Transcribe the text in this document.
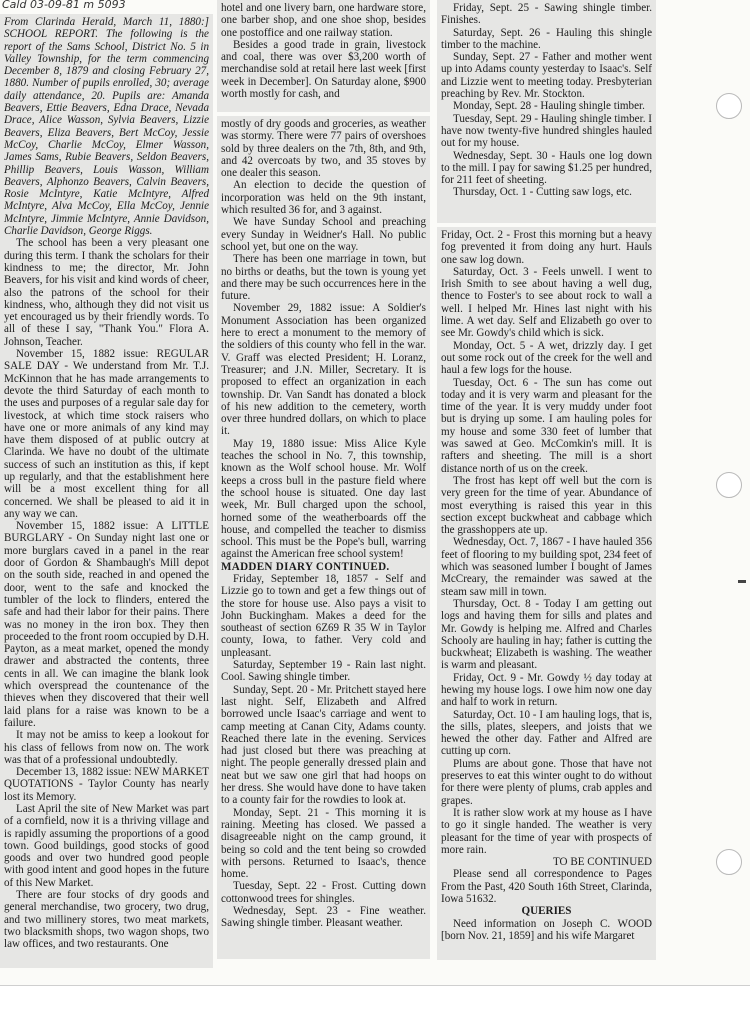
Cald 03-09-81 m 5093

From Clarinda Herald, March 11, 1880:] SCHOOL REPORT. The following is the report of the Sams School, District No. 5 in Valley Township, for the term commencing December 8, 1879 and closing February 27, 1880. Number of pupils enrolled, 30; average daily attendance, 20. Pupils are: Amanda Beavers, Ettie Beavers, Edna Drace, Nevada Drace, Alice Wasson, Sylvia Beavers, Lizzie Beavers, Eliza Beavers, Bert McCoy, Jessie McCoy, Charlie McCoy, Elmer Wasson, James Sams, Rubie Beavers, Seldon Beavers, Phillip Beavers, Louis Wasson, William Beavers, Alphonzo Beavers, Calvin Beavers, Rosie McIntyre, Katie McIntyre, Alfred McIntyre, Alva McCoy, Ella McCoy, Jennie McIntyre, Jimmie McIntyre, Annie Davidson, Charlie Davidson, George Riggs.

The school has been a very pleasant one during this term. I thank the scholars for their kindness to me; the director, Mr. John Beavers, for his visit and kind words of cheer, also the patrons of the school for their kindness, who, although they did not visit us yet encouraged us by their friendly words. To all of these I say, "Thank You." Flora A. Johnson, Teacher.

November 15, 1882 issue: REGULAR SALE DAY - We understand from Mr. T.J. McKinnon that he has made arrangements to devote the third Saturday of each month to the uses and purposes of a regular sale day for livestock, at which time stock raisers who have one or more animals of any kind may have them disposed of at public outcry at Clarinda. We have no doubt of the ultimate success of such an institution as this, if kept up regularly, and that the establishment here will be a most excellent thing for all concerned. We shall be pleased to aid it in any way we can.

November 15, 1882 issue: A LITTLE BURGLARY - On Sunday night last one or more burglars caved in a panel in the rear door of Gordon & Shambaugh's Mill depot on the south side, reached in and opened the door, went to the safe and knocked the tumbler of the lock to flinders, entered the safe and had their labor for their pains. There was no money in the iron box. They then proceeded to the front room occupied by D.H. Payton, as a meat market, opened the mondy drawer and abstracted the contents, three cents in all. We can imagine the blank look which overspread the countenance of the thieves when they discovered that their well laid plans for a raise was known to be a failure.

It may not be amiss to keep a lookout for his class of fellows from now on. The work was that of a professional undoubtedly.

December 13, 1882 issue: NEW MARKET QUOTATIONS - Taylor County has nearly lost its Memory.

Last April the site of New Market was part of a cornfield, now it is a thriving village and is rapidly assuming the proportions of a good town. Good buildings, good stocks of good goods and over two hundred good people with good intent and good hopes in the future of this New Market.

There are four stocks of dry goods and general merchandise, two grocery, two drug, and two millinery stores, two meat markets, two blacksmith shops, two wagon shops, two law offices, and two restaurants. One

hotel and one livery barn, one hardware store, one barber shop, and one shoe shop, besides one postoffice and one railway station.

Besides a good trade in grain, livestock and coal, there was over $3,200 worth of merchandise sold at retail here last week [first week in December]. On Saturday alone, $900 worth mostly for cash, and

mostly of dry goods and groceries, as weather was stormy. There were 77 pairs of overshoes sold by three dealers on the 7th, 8th, and 9th, and 42 overcoats by two, and 35 stoves by one dealer this season.

An election to decide the question of incorporation was held on the 9th instant, which resulted 36 for, and 3 against.

We have Sunday School and preaching every Sunday in Weidner's Hall. No public school yet, but one on the way.

There has been one marriage in town, but no births or deaths, but the town is young yet and there may be such occurrences here in the future.

November 29, 1882 issue: A Soldier's Monument Association has been organized here to erect a monument to the memory of the soldiers of this county who fell in the war. V. Graff was elected President; H. Loranz, Treasurer; and J.N. Miller, Secretary. It is proposed to effect an organization in each township. Dr. Van Sandt has donated a block of his new addition to the cemetery, worth over three hundred dollars, on which to place it.

May 19, 1880 issue: Miss Alice Kyle teaches the school in No. 7, this township, known as the Wolf school house. Mr. Wolf keeps a cross bull in the pasture field where the school house is situated. One day last week, Mr. Bull charged upon the school, horned some of the weatherboards off the house, and compelled the teacher to dismiss school. This must be the Pope's bull, warring against the American free school system!

MADDEN DIARY CONTINUED.

Friday, September 18, 1857 - Self and Lizzie go to town and get a few things out of the store for house use. Also pays a visit to John Buckingham. Makes a deed for the southeast of section 6Z69 R 35 W in Taylor county, Iowa, to father. Very cold and unpleasant.

Saturday, September 19 - Rain last night. Cool. Sawing shingle timber.

Sunday, Sept. 20 - Mr. Pritchett stayed here last night. Self, Elizabeth and Alfred borrowed uncle Isaac's carriage and went to camp meeting at Canan City, Adams county. Reached there late in the evening. Services had just closed but there was preaching at night. The people generally dressed plain and neat but we saw one girl that had hoops on her dress. She would have done to have taken to a county fair for the rowdies to look at.

Monday, Sept. 21 - This morning it is raining. Meeting has closed. We passed a disagreeable night on the camp ground, it being so cold and the tent being so crowded with persons. Returned to Isaac's, thence home.

Tuesday, Sept. 22 - Frost. Cutting down cottonwood trees for shingles.

Wednesday, Sept. 23 - Fine weather. Sawing shingle timber. Pleasant weather.

Friday, Sept. 25 - Sawing shingle timber. Finishes.

Saturday, Sept. 26 - Hauling this shingle timber to the machine.

Sunday, Sept. 27 - Father and mother went up into Adams county yesterday to Isaac's. Self and Lizzie went to meeting today. Presbyterian preaching by Rev. Mr. Stockton.

Monday, Sept. 28 - Hauling shingle timber.

Tuesday, Sept. 29 - Hauling shingle timber. I have now twenty-five hundred shingles hauled out for my house.

Wednesday, Sept. 30 - Hauls one log down to the mill. I pay for sawing $1.25 per hundred, for 211 feet of sheeting.

Thursday, Oct. 1 - Cutting saw logs, etc.

Friday, Oct. 2 - Frost this morning but a heavy fog prevented it from doing any hurt. Hauls one saw log down.

Saturday, Oct. 3 - Feels unwell. I went to Irish Smith to see about having a well dug, thence to Foster's to see about rock to wall a well. I helped Mr. Hines last night with his lime. A wet day. Self and Elizabeth go over to see Mr. Gowdy's child which is sick.

Monday, Oct. 5 - A wet, drizzly day. I get out some rock out of the creek for the well and haul a few logs for the house.

Tuesday, Oct. 6 - The sun has come out today and it is very warm and pleasant for the time of the year. It is very muddy under foot but is drying up some. I am hauling poles for my house and some 330 feet of lumber that was sawed at Geo. McComkin's mill. It is rafters and sheeting. The mill is a short distance north of us on the creek.

The frost has kept off well but the corn is very green for the time of year. Abundance of most everything is raised this year in this section except buckwheat and cabbage which the grasshoppers ate up.

Wednesday, Oct. 7, 1867 - I have hauled 356 feet of flooring to my building spot, 234 feet of which was seasoned lumber I bought of James McCreary, the remainder was sawed at the steam saw mill in town.

Thursday, Oct. 8 - Today I am getting out logs and having them for sills and plates and Mr. Gowdy is helping me. Alfred and Charles Schooly are hauling in hay; father is cutting the buckwheat; Elizabeth is washing. The weather is warm and pleasant.

Friday, Oct. 9 - Mr. Gowdy ½ day today at hewing my house logs. I owe him now one day and half to work in return.

Saturday, Oct. 10 - I am hauling logs, that is, the sills, plates, sleepers, and joists that we hewed the other day. Father and Alfred are cutting up corn.

Plums are about gone. Those that have not preserves to eat this winter ought to do without for there were plenty of plums, crab apples and grapes.

It is rather slow work at my house as I have to go it single handed. The weather is very pleasant for the time of year with prospects of more rain.

TO BE CONTINUED

Please send all correspondence to Pages From the Past, 420 South 16th Street, Clarinda, Iowa 51632.

QUERIES

Need information on Joseph C. WOOD [born Nov. 21, 1859] and his wife Margaret
